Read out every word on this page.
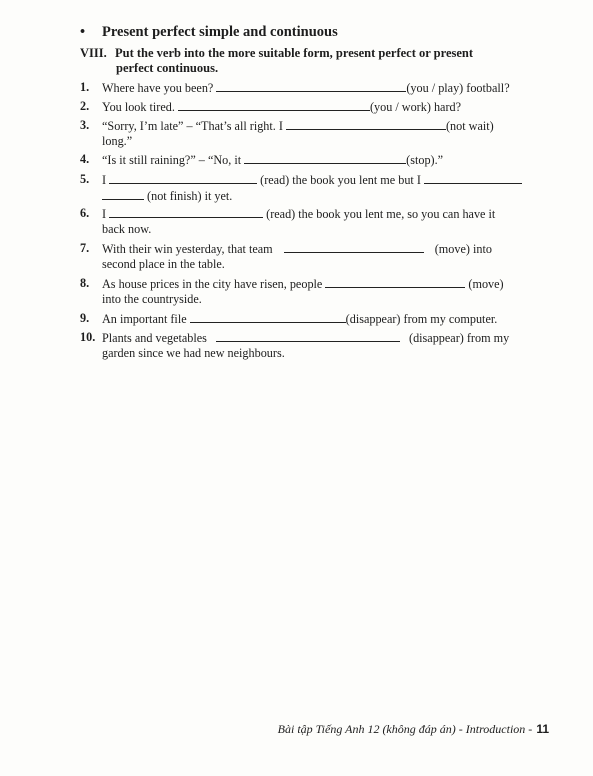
• Present perfect simple and continuous
VIII. Put the verb into the more suitable form, present perfect or present
perfect continuous.
1.	Where have you been?	(you / play) football?
2.	You look tired.	(you / work) hard?
3.	“Sorry, I’m late” – “That’s all right. I	(not wait)
long.”
4.	“Is it still raining?” – “No, it	(stop).”
5.	I	(read) the book you lent me but I
(not finish) it yet.
6.	I	(read) the book you lent me, so you can have it
back now.
7.	With their win yesterday, that team	(move) into
second place in the table.
8.	As house prices in the city have risen, people	(move)
into the countryside.
9.	An important file	(disappear) from my computer.
10. Plants and vegetables	(disappear) from my
garden since we had new neighbours.
Bài tập Tiếng Anh 12 (không đáp án) - Introduction - 11
